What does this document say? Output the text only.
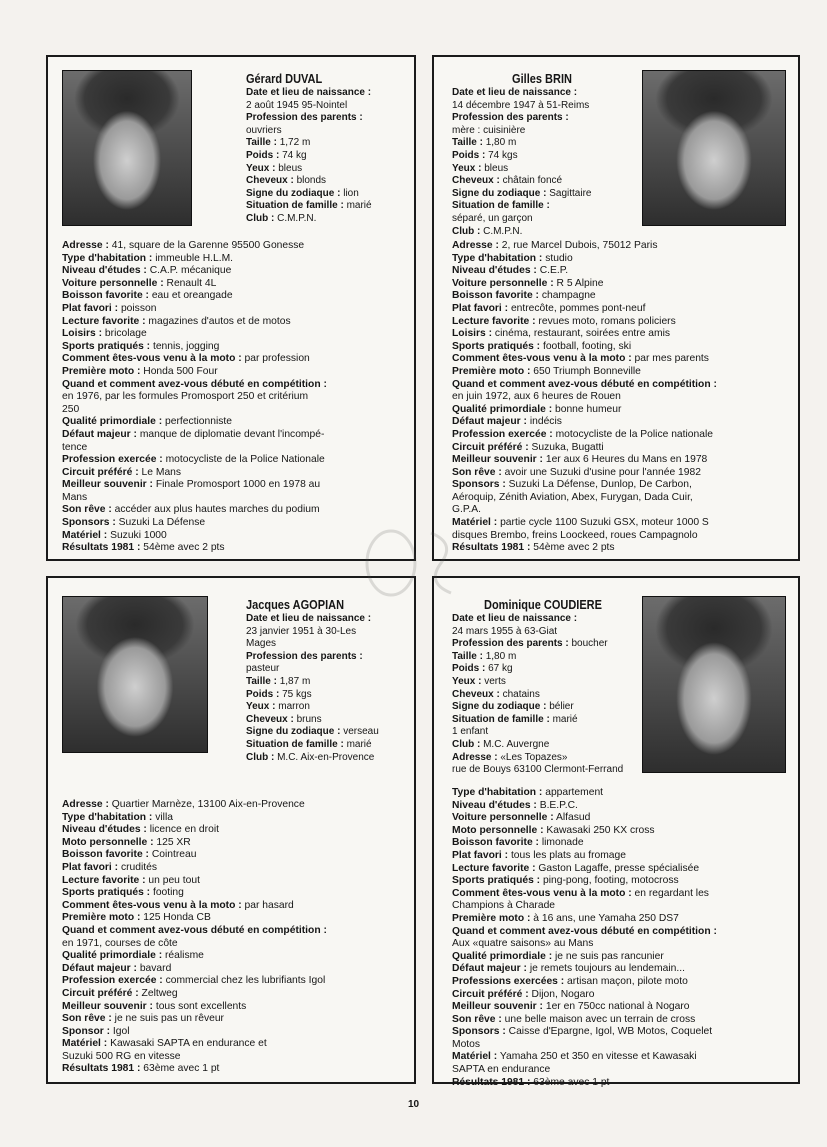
Gérard DUVAL
Date et lieu de naissance :
2 août 1945 95-Nointel
Profession des parents :
ouvriers
Taille : 1,72 m
Poids : 74 kg
Yeux : bleus
Cheveux : blonds
Signe du zodiaque : lion
Situation de famille : marié
Club : C.M.P.N.
Adresse : 41, square de la Garenne 95500 Gonesse
Type d'habitation : immeuble H.L.M.
Niveau d'études : C.A.P. mécanique
Voiture personnelle : Renault 4L
Boisson favorite : eau et oreangade
Plat favori : poisson
Lecture favorite : magazines d'autos et de motos
Loisirs : bricolage
Sports pratiqués : tennis, jogging
Comment êtes-vous venu à la moto : par profession
Première moto : Honda 500 Four
Quand et comment avez-vous débuté en compétition :
en 1976, par les formules Promosport 250 et critérium
250
Qualité primordiale : perfectionniste
Défaut majeur : manque de diplomatie devant l'incompé-
tence
Profession exercée : motocycliste de la Police Nationale
Circuit préféré : Le Mans
Meilleur souvenir : Finale Promosport 1000 en 1978 au
Mans
Son rêve : accéder aux plus hautes marches du podium
Sponsors : Suzuki La Défense
Matériel : Suzuki 1000
Résultats 1981 : 54ème avec 2 pts
Gilles BRIN
Date et lieu de naissance :
14 décembre 1947 à 51-Reims
Profession des parents :
mère : cuisinière
Taille : 1,80 m
Poids : 74 kgs
Yeux : bleus
Cheveux : châtain foncé
Signe du zodiaque : Sagittaire
Situation de famille :
séparé, un garçon
Club : C.M.P.N.
Adresse : 2, rue Marcel Dubois, 75012 Paris
Type d'habitation : studio
Niveau d'études : C.E.P.
Voiture personnelle : R 5 Alpine
Boisson favorite : champagne
Plat favori : entrecôte, pommes pont-neuf
Lecture favorite : revues moto, romans policiers
Loisirs : cinéma, restaurant, soirées entre amis
Sports pratiqués : football, footing, ski
Comment êtes-vous venu à la moto : par mes parents
Première moto : 650 Triumph Bonneville
Quand et comment avez-vous débuté en compétition :
en juin 1972, aux 6 heures de Rouen
Qualité primordiale : bonne humeur
Défaut majeur : indécis
Profession exercée : motocycliste de la Police nationale
Circuit préféré : Suzuka, Bugatti
Meilleur souvenir : 1er aux 6 Heures du Mans en 1978
Son rêve : avoir une Suzuki d'usine pour l'année 1982
Sponsors : Suzuki La Défense, Dunlop, De Carbon,
Aéroquip, Zénith Aviation, Abex, Furygan, Dada Cuir,
G.P.A.
Matériel : partie cycle 1100 Suzuki GSX, moteur 1000 S
disques Brembo, freins Loockeed, roues Campagnolo
Résultats 1981 : 54ème avec 2 pts
Jacques AGOPIAN
Date et lieu de naissance :
23 janvier 1951 à 30-Les
Mages
Profession des parents :
pasteur
Taille : 1,87 m
Poids : 75 kgs
Yeux : marron
Cheveux : bruns
Signe du zodiaque : verseau
Situation de famille : marié
Club : M.C. Aix-en-Provence
Adresse : Quartier Marnèze, 13100 Aix-en-Provence
Type d'habitation : villa
Niveau d'études : licence en droit
Moto personnelle : 125 XR
Boisson favorite : Cointreau
Plat favori : crudités
Lecture favorite : un peu tout
Sports pratiqués : footing
Comment êtes-vous venu à la moto : par hasard
Première moto : 125 Honda CB
Quand et comment avez-vous débuté en compétition :
en 1971, courses de côte
Qualité primordiale : réalisme
Défaut majeur : bavard
Profession exercée : commercial chez les lubrifiants Igol
Circuit préféré : Zeltweg
Meilleur souvenir : tous sont excellents
Son rêve : je ne suis pas un rêveur
Sponsor : Igol
Matériel : Kawasaki SAPTA en endurance et
Suzuki 500 RG en vitesse
Résultats 1981 : 63ème avec 1 pt
Dominique COUDIERE
Date et lieu de naissance :
24 mars 1955 à 63-Giat
Profession des parents : boucher
Taille : 1,80 m
Poids : 67 kg
Yeux : verts
Cheveux : chatains
Signe du zodiaque : bélier
Situation de famille : marié
1 enfant
Club : M.C. Auvergne
Adresse : «Les Topazes»
rue de Bouys 63100 Clermont-Ferrand
Type d'habitation : appartement
Niveau d'études : B.E.P.C.
Voiture personnelle : Alfasud
Moto personnelle : Kawasaki 250 KX cross
Boisson favorite : limonade
Plat favori : tous les plats au fromage
Lecture favorite : Gaston Lagaffe, presse spécialisée
Sports pratiqués : ping-pong, footing, motocross
Comment êtes-vous venu à la moto : en regardant les
Champions à Charade
Première moto : à 16 ans, une Yamaha 250 DS7
Quand et comment avez-vous débuté en compétition :
Aux «quatre saisons» au Mans
Qualité primordiale : je ne suis pas rancunier
Défaut majeur : je remets toujours au lendemain...
Professions exercées : artisan maçon, pilote moto
Circuit préféré : Dijon, Nogaro
Meilleur souvenir : 1er en 750cc national à Nogaro
Son rêve : une belle maison avec un terrain de cross
Sponsors : Caisse d'Epargne, Igol, WB Motos, Coquelet
Motos
Matériel : Yamaha 250 et 350 en vitesse et Kawasaki
SAPTA en endurance
Résultats 1981 : 63ème avec 1 pt
10
